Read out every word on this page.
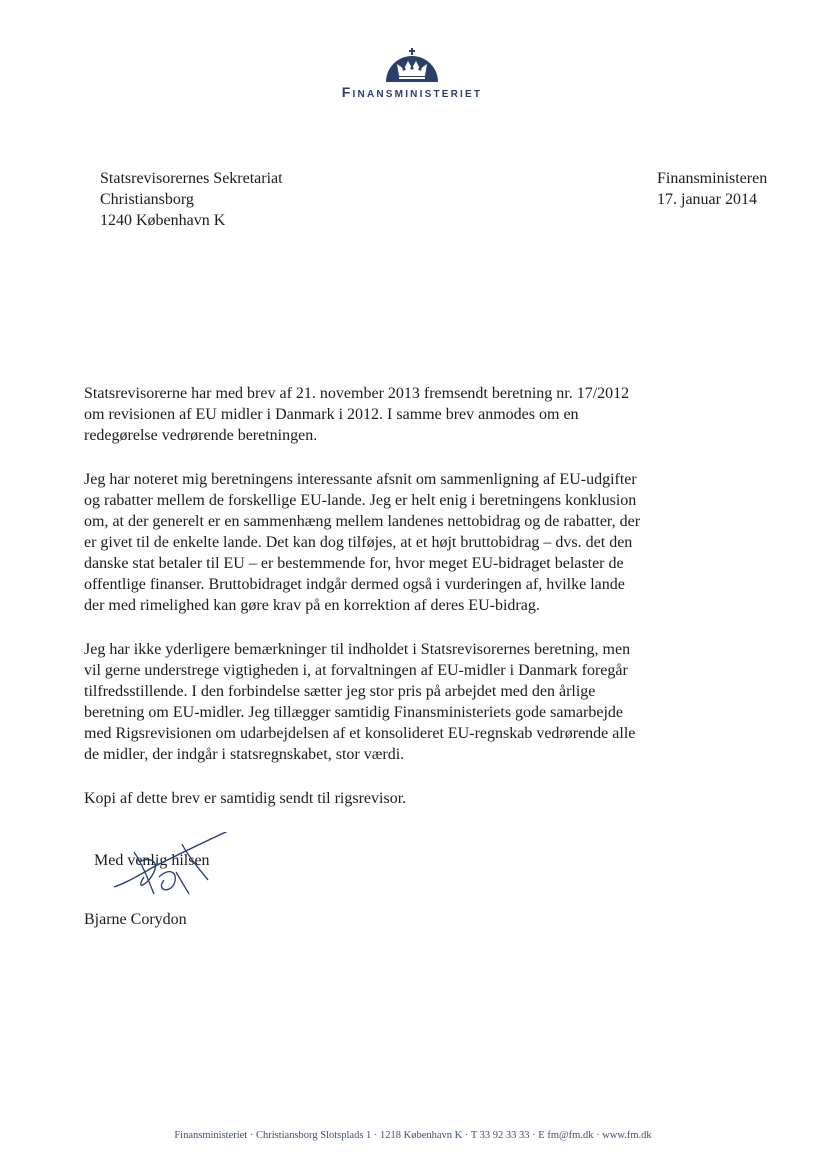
Finansministeriet
Statsrevisorernes Sekretariat
Christiansborg
1240 København K
Finansministeren
17. januar 2014

Statsrevisorerne har med brev af 21. november 2013 fremsendt beretning nr. 17/2012 om revisionen af EU midler i Danmark i 2012. I samme brev anmodes om en redegørelse vedrørende beretningen.

Jeg har noteret mig beretningens interessante afsnit om sammenligning af EU-udgifter og rabatter mellem de forskellige EU-lande. Jeg er helt enig i beretningens konklusion om, at der generelt er en sammenhæng mellem landenes nettobidrag og de rabatter, der er givet til de enkelte lande. Det kan dog tilføjes, at et højt bruttobidrag – dvs. det den danske stat betaler til EU – er bestemmende for, hvor meget EU-bidraget belaster de offentlige finanser. Bruttobidraget indgår dermed også i vurderingen af, hvilke lande der med rimelighed kan gøre krav på en korrektion af deres EU-bidrag.

Jeg har ikke yderligere bemærkninger til indholdet i Statsrevisorernes beretning, men vil gerne understrege vigtigheden i, at forvaltningen af EU-midler i Danmark foregår tilfredsstillende. I den forbindelse sætter jeg stor pris på arbejdet med den årlige beretning om EU-midler. Jeg tillægger samtidig Finansministeriets gode samarbejde med Rigsrevisionen om udarbejdelsen af et konsolideret EU-regnskab vedrørende alle de midler, der indgår i statsregnskabet, stor værdi.

Kopi af dette brev er samtidig sendt til rigsrevisor.

Med venlig hilsen
Bjarne Corydon
Finansministeriet · Christiansborg Slotsplads 1 · 1218 København K · T 33 92 33 33 · E fm@fm.dk · www.fm.dk
